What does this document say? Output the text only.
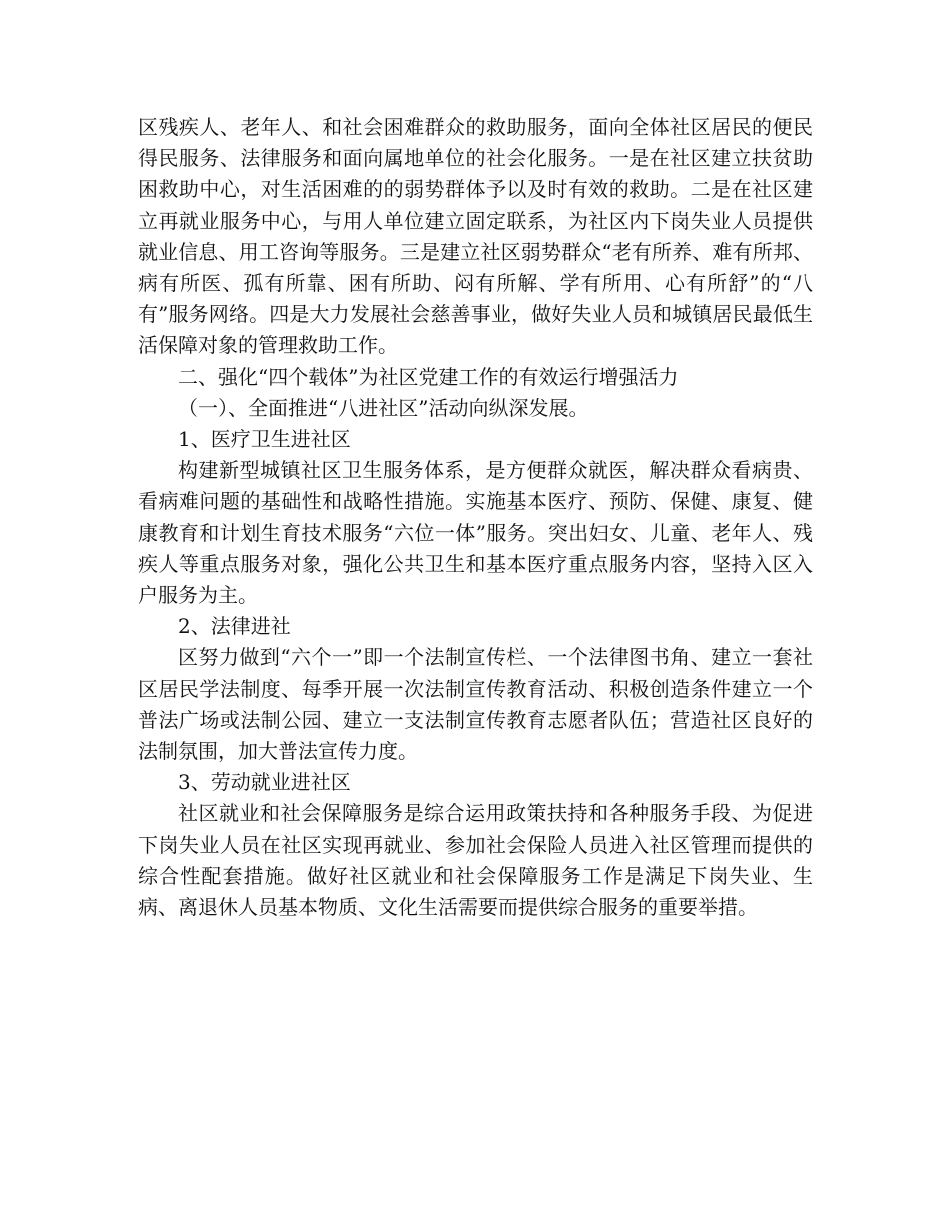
区残疾人、老年人、和社会困难群众的救助服务，面向全体社区居民的便民得民服务、法律服务和面向属地单位的社会化服务。一是在社区建立扶贫助困救助中心，对生活困难的的弱势群体予以及时有效的救助。二是在社区建立再就业服务中心，与用人单位建立固定联系，为社区内下岗失业人员提供就业信息、用工咨询等服务。三是建立社区弱势群众“老有所养、难有所邦、病有所医、孤有所靠、困有所助、闷有所解、学有所用、心有所舒”的“八有”服务网络。四是大力发展社会慈善事业，做好失业人员和城镇居民最低生活保障对象的管理救助工作。

二、强化“四个载体”为社区党建工作的有效运行增强活力
（一）、全面推进“八进社区”活动向纵深发展。
1、医疗卫生进社区

构建新型城镇社区卫生服务体系，是方便群众就医，解决群众看病贵、看病难问题的基础性和战略性措施。实施基本医疗、预防、保健、康复、健康教育和计划生育技术服务“六位一体”服务。突出妇女、儿童、老年人、残疾人等重点服务对象，强化公共卫生和基本医疗重点服务内容，坚持入区入户服务为主。

2、法律进社

区努力做到“六个一”即一个法制宣传栏、一个法律图书角、建立一套社区居民学法制度、每季开展一次法制宣传教育活动、积极创造条件建立一个普法广场或法制公园、建立一支法制宣传教育志愿者队伍；营造社区良好的法制氛围，加大普法宣传力度。

3、劳动就业进社区

社区就业和社会保障服务是综合运用政策扶持和各种服务手段、为促进下岗失业人员在社区实现再就业、参加社会保险人员进入社区管理而提供的综合性配套措施。做好社区就业和社会保障服务工作是满足下岗失业、生病、离退休人员基本物质、文化生活需要而提供综合服务的重要举措。
